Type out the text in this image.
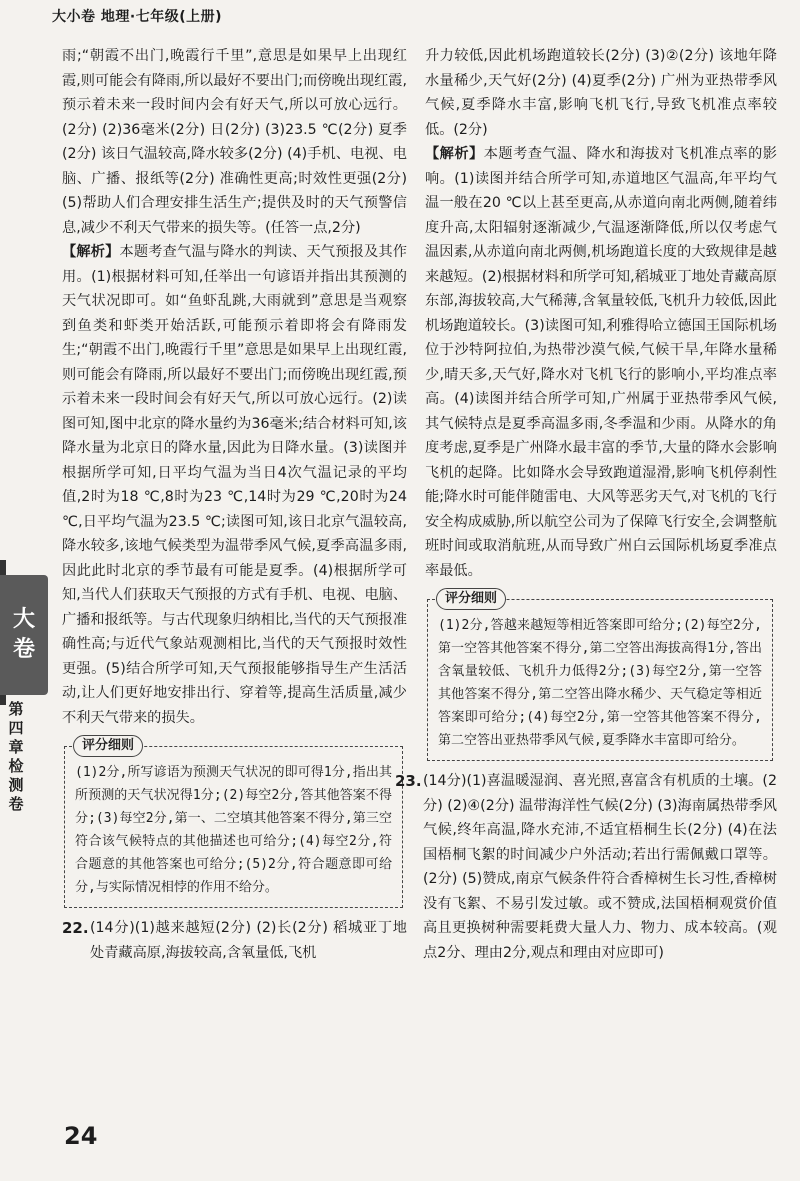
大小卷 地理·七年级(上册)
大
卷
第四章检测卷

雨;“朝霞不出门,晚霞行千里”,意思是如果早上出现红霞,则可能会有降雨,所以最好不要出门;而傍晚出现红霞,预示着未来一段时间内会有好天气,所以可放心远行。(2分) (2)36毫米(2分) 日(2分) (3)23.5 ℃(2分) 夏季(2分) 该日气温较高,降水较多(2分) (4)手机、电视、电脑、广播、报纸等(2分) 准确性更高;时效性更强(2分) (5)帮助人们合理安排生活生产;提供及时的天气预警信息,减少不利天气带来的损失等。(任答一点,2分)

【解析】本题考查气温与降水的判读、天气预报及其作用。(1)根据材料可知,任举出一句谚语并指出其预测的天气状况即可。如“鱼虾乱跳,大雨就到”意思是当观察到鱼类和虾类开始活跃,可能预示着即将会有降雨发生;“朝霞不出门,晚霞行千里”意思是如果早上出现红霞,则可能会有降雨,所以最好不要出门;而傍晚出现红霞,预示着未来一段时间会有好天气,所以可放心远行。(2)读图可知,图中北京的降水量约为36毫米;结合材料可知,该降水量为北京日的降水量,因此为日降水量。(3)读图并根据所学可知,日平均气温为当日4次气温记录的平均值,2时为18 ℃,8时为23 ℃,14时为29 ℃,20时为24 ℃,日平均气温为23.5 ℃;读图可知,该日北京气温较高,降水较多,该地气候类型为温带季风气候,夏季高温多雨,因此此时北京的季节最有可能是夏季。(4)根据所学可知,当代人们获取天气预报的方式有手机、电视、电脑、广播和报纸等。与古代现象归纳相比,当代的天气预报准确性高;与近代气象站观测相比,当代的天气预报时效性更强。(5)结合所学可知,天气预报能够指导生产生活活动,让人们更好地安排出行、穿着等,提高生活质量,减少不利天气带来的损失。

评分细则
(1)2分,所写谚语为预测天气状况的即可得1分,指出其所预测的天气状况得1分;(2)每空2分,答其他答案不得分;(3)每空2分,第一、二空填其他答案不得分,第三空符合该气候特点的其他描述也可给分;(4)每空2分,符合题意的其他答案也可给分;(5)2分,符合题意即可给分,与实际情况相悖的作用不给分。
22. (14分)(1)越来越短(2分) (2)长(2分) 稻城亚丁地处青藏高原,海拔较高,含氧量低,飞机

升力较低,因此机场跑道较长(2分) (3)②(2分) 该地年降水量稀少,天气好(2分) (4)夏季(2分) 广州为亚热带季风气候,夏季降水丰富,影响飞机飞行,导致飞机准点率较低。(2分)

【解析】本题考查气温、降水和海拔对飞机准点率的影响。(1)读图并结合所学可知,赤道地区气温高,年平均气温一般在20 ℃以上甚至更高,从赤道向南北两侧,随着纬度升高,太阳辐射逐渐减少,气温逐渐降低,所以仅考虑气温因素,从赤道向南北两侧,机场跑道长度的大致规律是越来越短。(2)根据材料和所学可知,稻城亚丁地处青藏高原东部,海拔较高,大气稀薄,含氧量较低,飞机升力较低,因此机场跑道较长。(3)读图可知,利雅得哈立德国王国际机场位于沙特阿拉伯,为热带沙漠气候,气候干旱,年降水量稀少,晴天多,天气好,降水对飞机飞行的影响小,平均准点率高。(4)读图并结合所学可知,广州属于亚热带季风气候,其气候特点是夏季高温多雨,冬季温和少雨。从降水的角度考虑,夏季是广州降水最丰富的季节,大量的降水会影响飞机的起降。比如降水会导致跑道湿滑,影响飞机停刹性能;降水时可能伴随雷电、大风等恶劣天气,对飞机的飞行安全构成威胁,所以航空公司为了保障飞行安全,会调整航班时间或取消航班,从而导致广州白云国际机场夏季准点率最低。

评分细则
(1)2分,答越来越短等相近答案即可给分;(2)每空2分,第一空答其他答案不得分,第二空答出海拔高得1分,答出含氧量较低、飞机升力低得2分;(3)每空2分,第一空答其他答案不得分,第二空答出降水稀少、天气稳定等相近答案即可给分;(4)每空2分,第一空答其他答案不得分,第二空答出亚热带季风气候,夏季降水丰富即可给分。
23. (14分)(1)喜温暖湿润、喜光照,喜富含有机质的土壤。(2分) (2)④(2分) 温带海洋性气候(2分) (3)海南属热带季风气候,终年高温,降水充沛,不适宜梧桐生长(2分) (4)在法国梧桐飞絮的时间减少户外活动;若出行需佩戴口罩等。(2分) (5)赞成,南京气候条件符合香樟树生长习性,香樟树没有飞絮、不易引发过敏。或不赞成,法国梧桐观赏价值高且更换树种需要耗费大量人力、物力、成本较高。(观点2分、理由2分,观点和理由对应即可)
24
